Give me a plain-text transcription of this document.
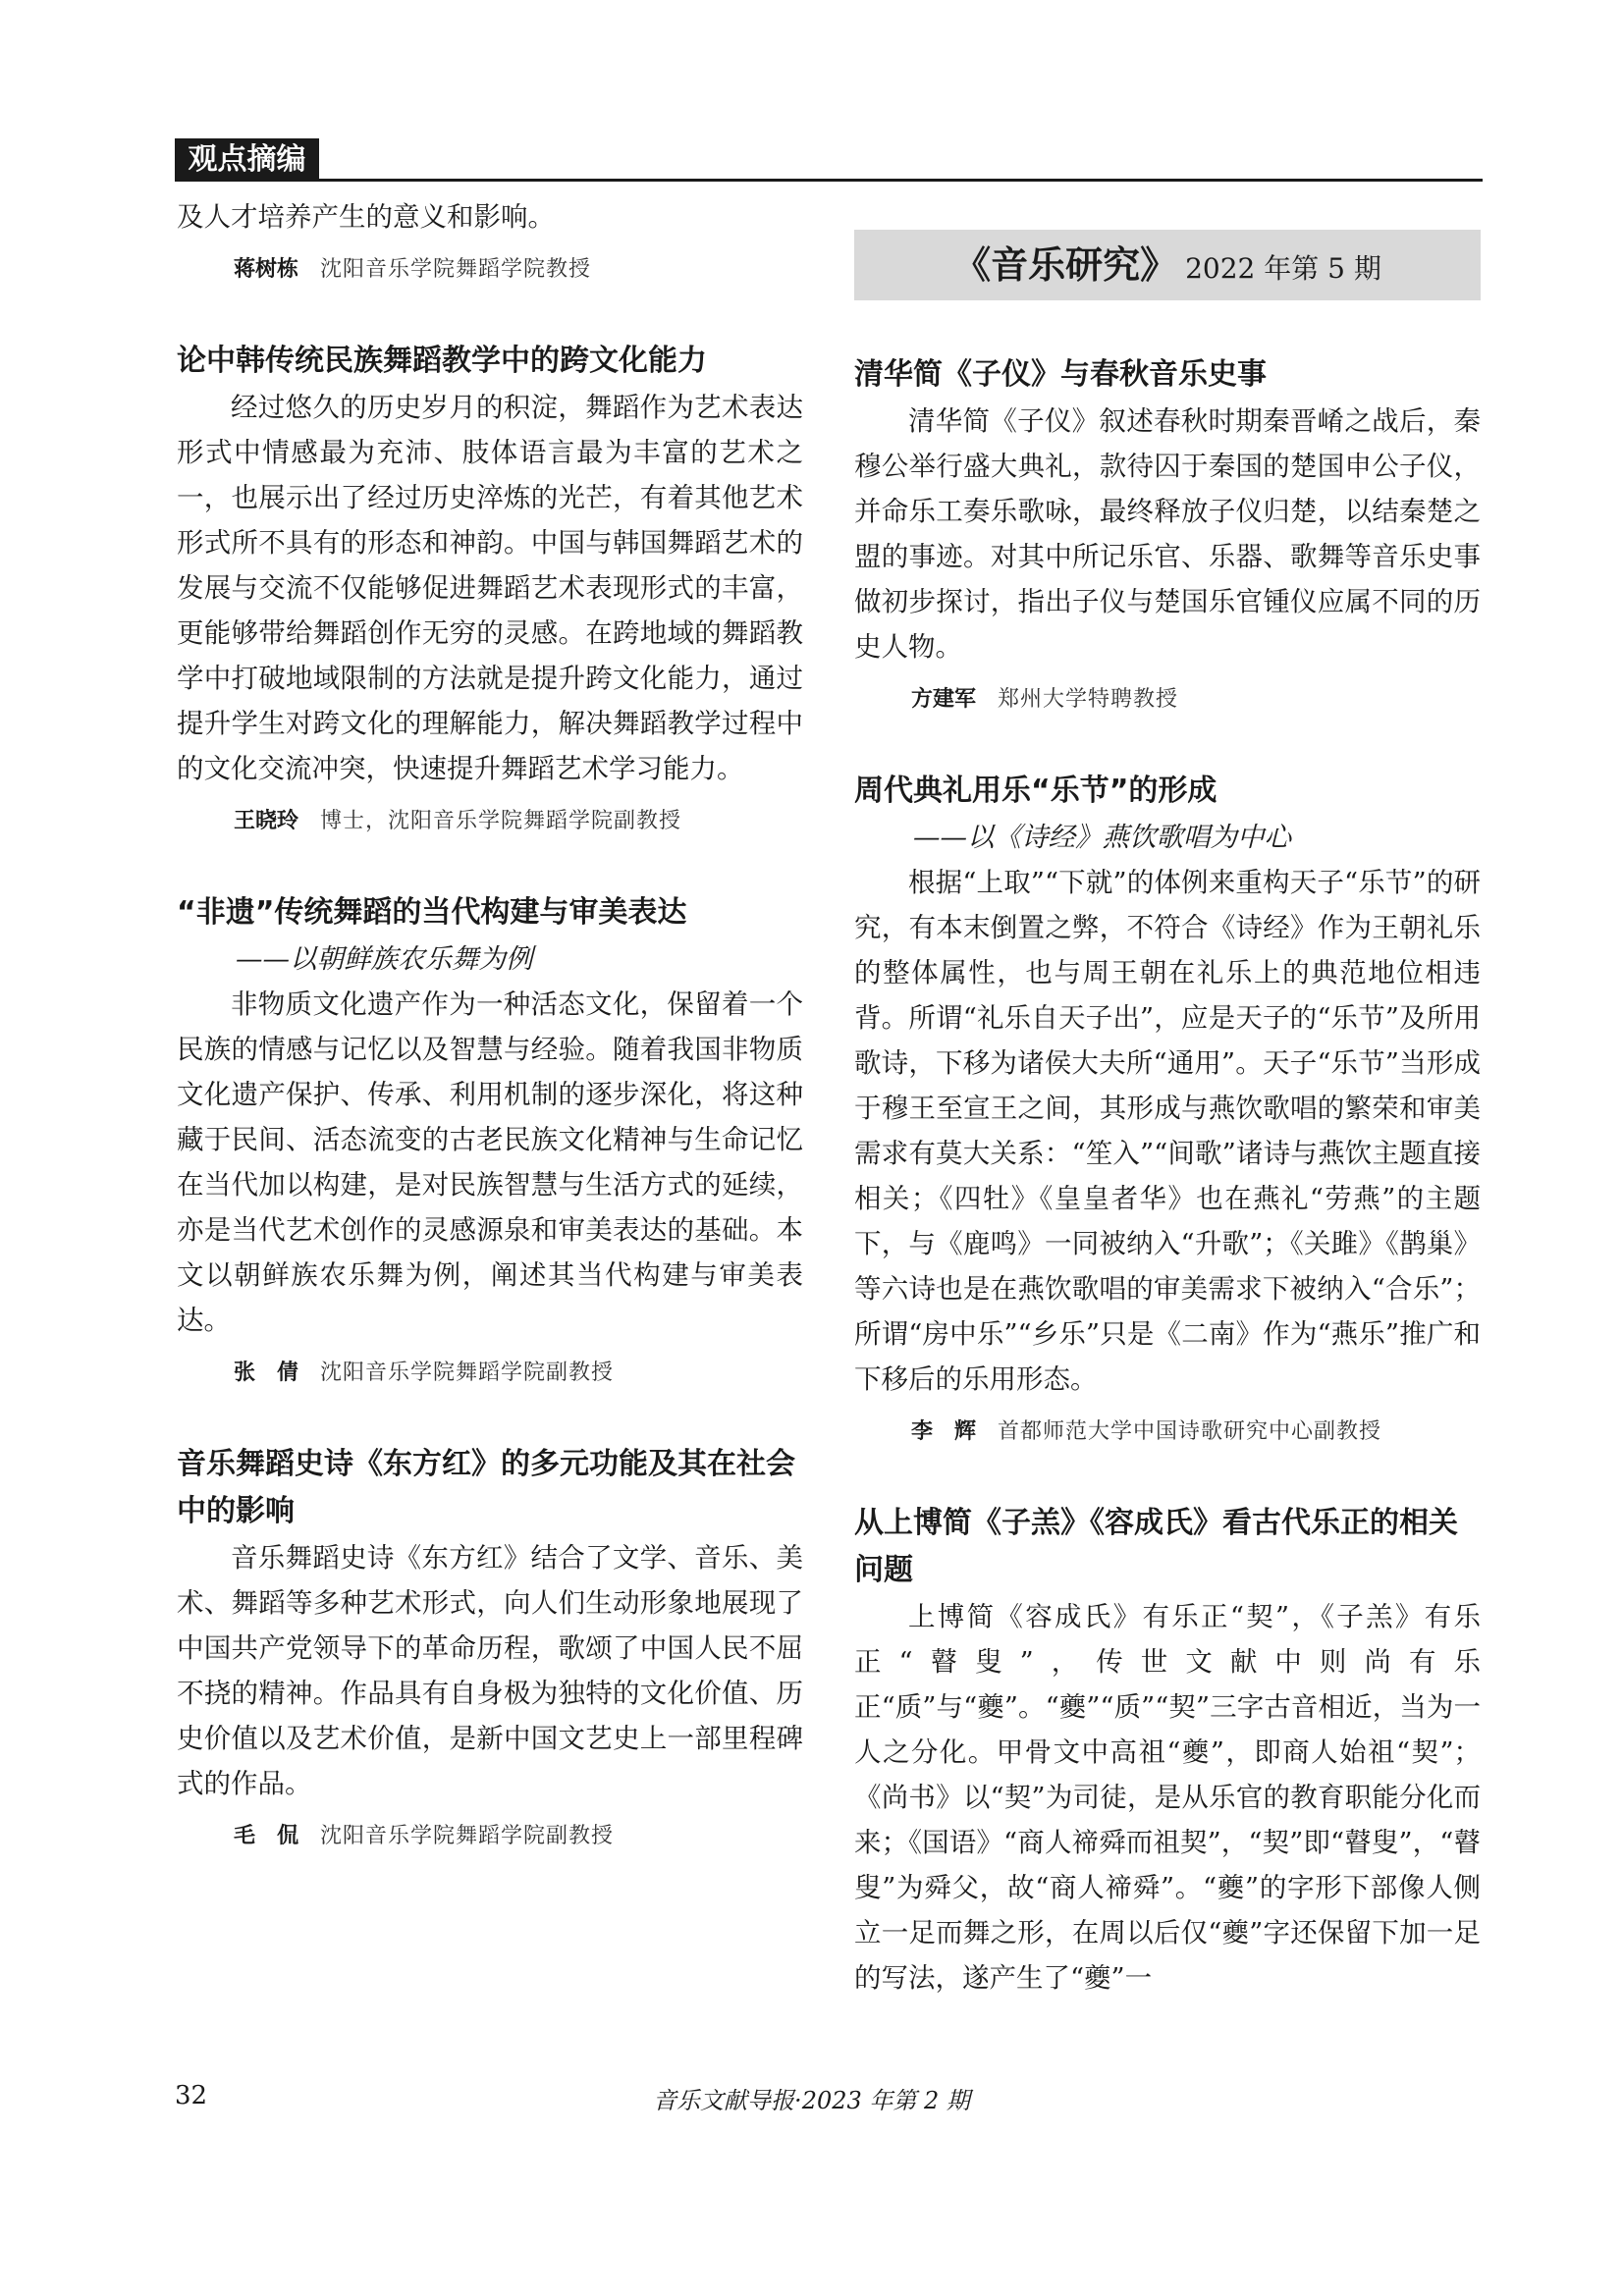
观点摘编

及人才培养产生的意义和影响。

蒋树栋 沈阳音乐学院舞蹈学院教授
论中韩传统民族舞蹈教学中的跨文化能力

经过悠久的历史岁月的积淀，舞蹈作为艺术表达形式中情感最为充沛、肢体语言最为丰富的艺术之一，也展示出了经过历史淬炼的光芒，有着其他艺术形式所不具有的形态和神韵。中国与韩国舞蹈艺术的发展与交流不仅能够促进舞蹈艺术表现形式的丰富，更能够带给舞蹈创作无穷的灵感。在跨地域的舞蹈教学中打破地域限制的方法就是提升跨文化能力，通过提升学生对跨文化的理解能力，解决舞蹈教学过程中的文化交流冲突，快速提升舞蹈艺术学习能力。

王晓玲 博士，沈阳音乐学院舞蹈学院副教授
“非遗”传统舞蹈的当代构建与审美表达

——以朝鲜族农乐舞为例

非物质文化遗产作为一种活态文化，保留着一个民族的情感与记忆以及智慧与经验。随着我国非物质文化遗产保护、传承、利用机制的逐步深化，将这种藏于民间、活态流变的古老民族文化精神与生命记忆在当代加以构建，是对民族智慧与生活方式的延续，亦是当代艺术创作的灵感源泉和审美表达的基础。本文以朝鲜族农乐舞为例，阐述其当代构建与审美表达。

张　倩 沈阳音乐学院舞蹈学院副教授
音乐舞蹈史诗《东方红》的多元功能及其在社会中的影响

音乐舞蹈史诗《东方红》结合了文学、音乐、美术、舞蹈等多种艺术形式，向人们生动形象地展现了中国共产党领导下的革命历程，歌颂了中国人民不屈不挠的精神。作品具有自身极为独特的文化价值、历史价值以及艺术价值，是新中国文艺史上一部里程碑式的作品。

毛　侃 沈阳音乐学院舞蹈学院副教授
《音乐研究》 2022 年第 5 期
清华简《子仪》与春秋音乐史事

清华简《子仪》叙述春秋时期秦晋崤之战后，秦穆公举行盛大典礼，款待囚于秦国的楚国申公子仪，并命乐工奏乐歌咏，最终释放子仪归楚，以结秦楚之盟的事迹。对其中所记乐官、乐器、歌舞等音乐史事做初步探讨，指出子仪与楚国乐官锺仪应属不同的历史人物。

方建军 郑州大学特聘教授
周代典礼用乐“乐节”的形成

——以《诗经》燕饮歌唱为中心

根据“上取”“下就”的体例来重构天子“乐节”的研究，有本末倒置之弊，不符合《诗经》作为王朝礼乐的整体属性，也与周王朝在礼乐上的典范地位相违背。所谓“礼乐自天子出”，应是天子的“乐节”及所用歌诗，下移为诸侯大夫所“通用”。天子“乐节”当形成于穆王至宣王之间，其形成与燕饮歌唱的繁荣和审美需求有莫大关系：“笙入”“间歌”诸诗与燕饮主题直接相关；《四牡》《皇皇者华》也在燕礼“劳燕”的主题下，与《鹿鸣》一同被纳入“升歌”；《关雎》《鹊巢》等六诗也是在燕饮歌唱的审美需求下被纳入“合乐”；所谓“房中乐”“乡乐”只是《二南》作为“燕乐”推广和下移后的乐用形态。

李　辉 首都师范大学中国诗歌研究中心副教授
从上博简《子羔》《容成氏》看古代乐正的相关问题

上博简《容成氏》有乐正“契”，《子羔》有乐正“瞽叟”，传世文献中则尚有乐正“质”与“夔”。“夔”“质”“契”三字古音相近，当为一人之分化。甲骨文中高祖“夔”，即商人始祖“契”；《尚书》以“契”为司徒，是从乐官的教育职能分化而来；《国语》“商人禘舜而祖契”，“契”即“瞽叟”，“瞽叟”为舜父，故“商人禘舜”。“夔”的字形下部像人侧立一足而舞之形，在周以后仅“夔”字还保留下加一足的写法，遂产生了“夔”一

32	音乐文献导报·2023 年第 2 期
